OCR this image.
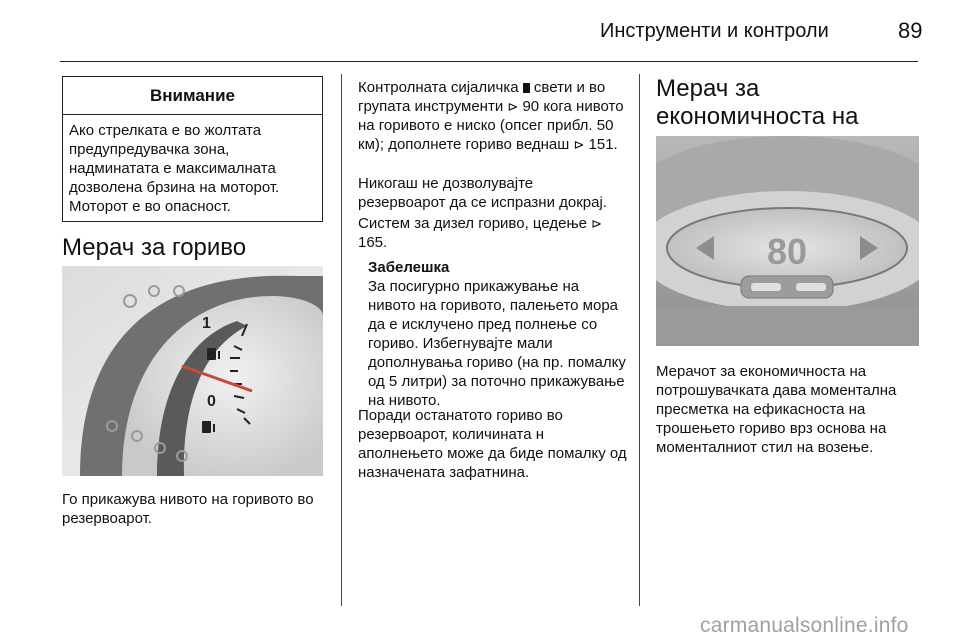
Инструменти и контроли	89
Внимание
Ако стрелката е во жолтата предупредувачка зона, надминатата е максималната дозволена брзина на моторот. Моторот е во опасност.
Мерач за гориво
1
0
Го прикажува нивото на горивото во резервоарот.
Контролната сијаличка  свети и во групата инструменти ⊳ 90 кога нивото на горивото е ниско (опсег прибл. 50 км); дополнете гориво веднаш ⊳ 151.
Никогаш не дозволувајте резервоарот да се испразни докрај.
Систем за дизел гориво, цедење ⊳ 165.
Забелешка
За посигурно прикажување на нивото на горивото, палењето мора да е исклучено пред полнење со гориво. Избегнувајте мали дополнувања гориво (на пр. помалку од 5 литри) за поточно прикажување на нивото.
Поради останатото гориво во резервоарот, количината н аполнењето може да биде помалку од назначената зафатнина.
Мерач за економичноста на
80
Мерачот за економичноста на потрошувачката дава моментална пресметка на ефикасноста на трошењето гориво врз основа на моменталниот стил на возење.
carmanualsonline.info
